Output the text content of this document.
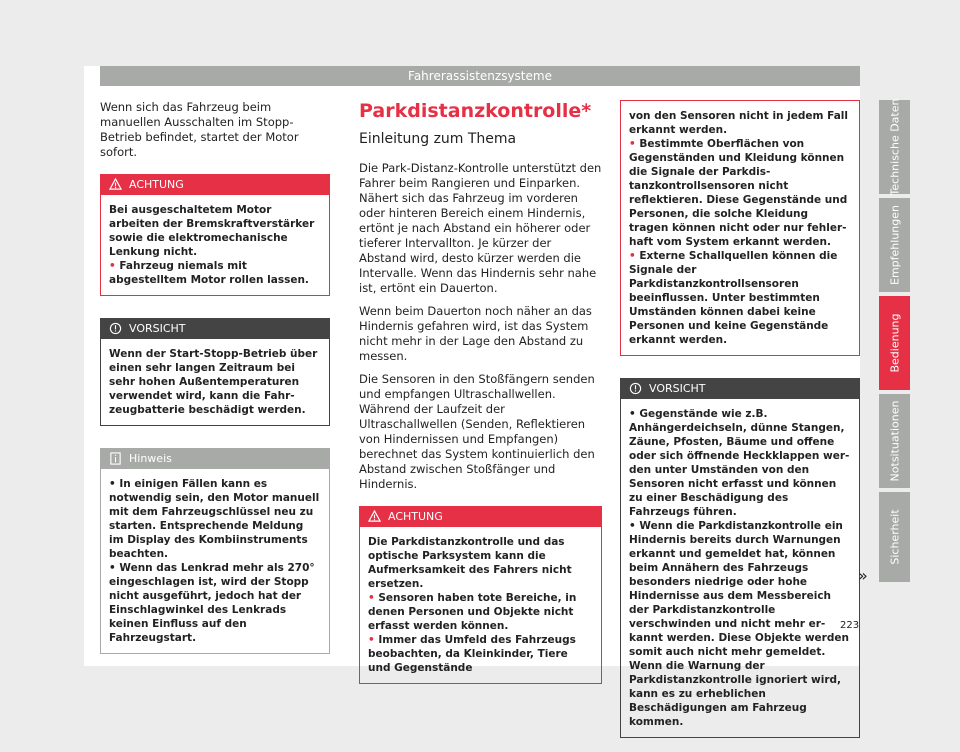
Fahrerassistenzsysteme

Wenn sich das Fahrzeug beim manuellen Ausschalten im Stopp-Betrieb befindet, startet der Motor sofort.

ACHTUNG
Bei ausgeschaltetem Motor arbeiten der Bremskraftverstärker sowie die elektromechanische Lenkung nicht.
• Fahrzeug niemals mit abgestelltem Motor rollen lassen.
VORSICHT
Wenn der Start-Stopp-Betrieb über einen sehr langen Zeitraum bei sehr hohen Außentemperaturen verwendet wird, kann die Fahrzeugbatterie beschädigt werden.
Hinweis
• In einigen Fällen kann es notwendig sein, den Motor manuell mit dem Fahrzeugschlüssel neu zu starten. Entsprechende Meldung im Display des Kombiinstruments beachten.
• Wenn das Lenkrad mehr als 270° eingeschlagen ist, wird der Stopp nicht ausgeführt, jedoch hat der Einschlagwinkel des Lenkrads keinen Einfluss auf den Fahrzeugstart.
Parkdistanzkontrolle*
Einleitung zum Thema

Die Park-Distanz-Kontrolle unterstützt den Fahrer beim Rangieren und Einparken. Nähert sich das Fahrzeug im vorderen oder hinteren Bereich einem Hindernis, ertönt je nach Abstand ein höherer oder tieferer Intervallton. Je kürzer der Abstand wird, desto kürzer werden die Intervalle. Wenn das Hindernis sehr nahe ist, ertönt ein Dauerton.

Wenn beim Dauerton noch näher an das Hindernis gefahren wird, ist das System nicht mehr in der Lage den Abstand zu messen.

Die Sensoren in den Stoßfängern senden und empfangen Ultraschallwellen. Während der Laufzeit der Ultraschallwellen (Senden, Reflektieren von Hindernissen und Empfangen) berechnet das System kontinuierlich den Abstand zwischen Stoßfänger und Hindernis.

ACHTUNG
Die Parkdistanzkontrolle und das optische Parksystem kann die Aufmerksamkeit des Fahrers nicht ersetzen.
• Sensoren haben tote Bereiche, in denen Personen und Objekte nicht erfasst werden können.
• Immer das Umfeld des Fahrzeugs beobachten, da Kleinkinder, Tiere und Gegenstände
von den Sensoren nicht in jedem Fall erkannt werden.
• Bestimmte Oberflächen von Gegenständen und Kleidung können die Signale der Parkdistanzkontrollsensoren nicht reflektieren. Diese Gegenstände und Personen, die solche Kleidung tragen können nicht oder nur fehlerhaft vom System erkannt werden.
• Externe Schallquellen können die Signale der Parkdistanzkontrollsensoren beeinflussen. Unter bestimmten Umständen können dabei keine Personen und keine Gegenstände erkannt werden.
VORSICHT
• Gegenstände wie z.B. Anhängerdeichseln, dünne Stangen, Zäune, Pfosten, Bäume und offene oder sich öffnende Heckklappen werden unter Umständen von den Sensoren nicht erfasst und können zu einer Beschädigung des Fahrzeugs führen.
• Wenn die Parkdistanzkontrolle ein Hindernis bereits durch Warnungen erkannt und gemeldet hat, können beim Annähern des Fahrzeugs besonders niedrige oder hohe Hindernisse aus dem Messbereich der Parkdistanzkontrolle verschwinden und nicht mehr erkannt werden. Diese Objekte werden somit auch nicht mehr gemeldet. Wenn die Warnung der Parkdistanzkontrolle ignoriert wird, kann es zu erheblichen Beschädigungen am Fahrzeug kommen.
»
Technische Daten
Empfehlungen
Bedienung
Notsituationen
Sicherheit
223
